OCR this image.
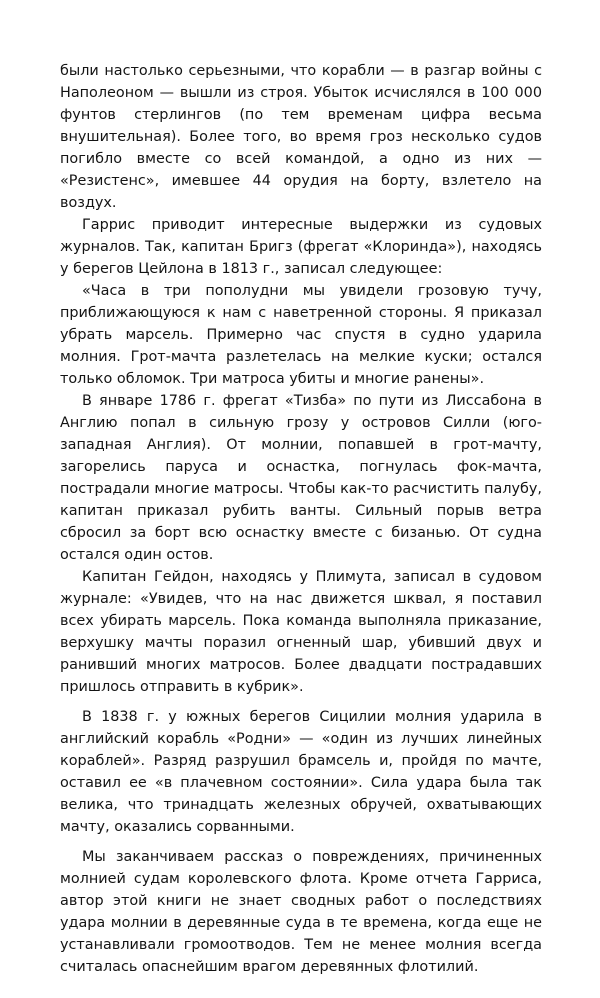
были настолько серьезными, что корабли — в разгар войны с Наполеоном — вышли из строя. Убыток исчислялся в 100 000 фунтов стерлингов (по тем временам цифра весьма внушительная). Более того, во время гроз несколько судов погибло вместе со всей командой, а одно из них — «Резистенс», имевшее 44 орудия на борту, взлетело на воздух.

Гаррис приводит интересные выдержки из судовых журналов. Так, капитан Бригз (фрегат «Клоринда»), находясь у берегов Цейлона в 1813 г., записал следующее:

«Часа в три пополудни мы увидели грозовую тучу, приближающуюся к нам с наветренной стороны. Я приказал убрать марсель. Примерно час спустя в судно ударила молния. Грот-мачта разлетелась на мелкие куски; остался только обломок. Три матроса убиты и многие ранены».

В январе 1786 г. фрегат «Тизба» по пути из Лиссабона в Англию попал в сильную грозу у островов Силли (юго-западная Англия). От молнии, попавшей в грот-мачту, загорелись паруса и оснастка, погнулась фок-мачта, пострадали многие матросы. Чтобы как-то расчистить палубу, капитан приказал рубить ванты. Сильный порыв ветра сбросил за борт всю оснастку вместе с бизанью. От судна остался один остов.

Капитан Гейдон, находясь у Плимута, записал в судовом журнале: «Увидев, что на нас движется шквал, я поставил всех убирать марсель. Пока команда выполняла приказание, верхушку мачты поразил огненный шар, убивший двух и ранивший многих матросов. Более двадцати пострадавших пришлось отправить в кубрик».

В 1838 г. у южных берегов Сицилии молния ударила в английский корабль «Родни» — «один из лучших линейных кораблей». Разряд разрушил брамсель и, пройдя по мачте, оставил ее «в плачевном состоянии». Сила удара была так велика, что тринадцать железных обручей, охватывающих мачту, оказались сорванными.

Мы заканчиваем рассказ о повреждениях, причиненных молнией судам королевского флота. Кроме отчета Гарриса, автор этой книги не знает сводных работ о последствиях удара молнии в деревянные суда в те времена, когда еще не устанавливали громоотводов. Тем не менее молния всегда считалась опаснейшим врагом деревянных флотилий.
